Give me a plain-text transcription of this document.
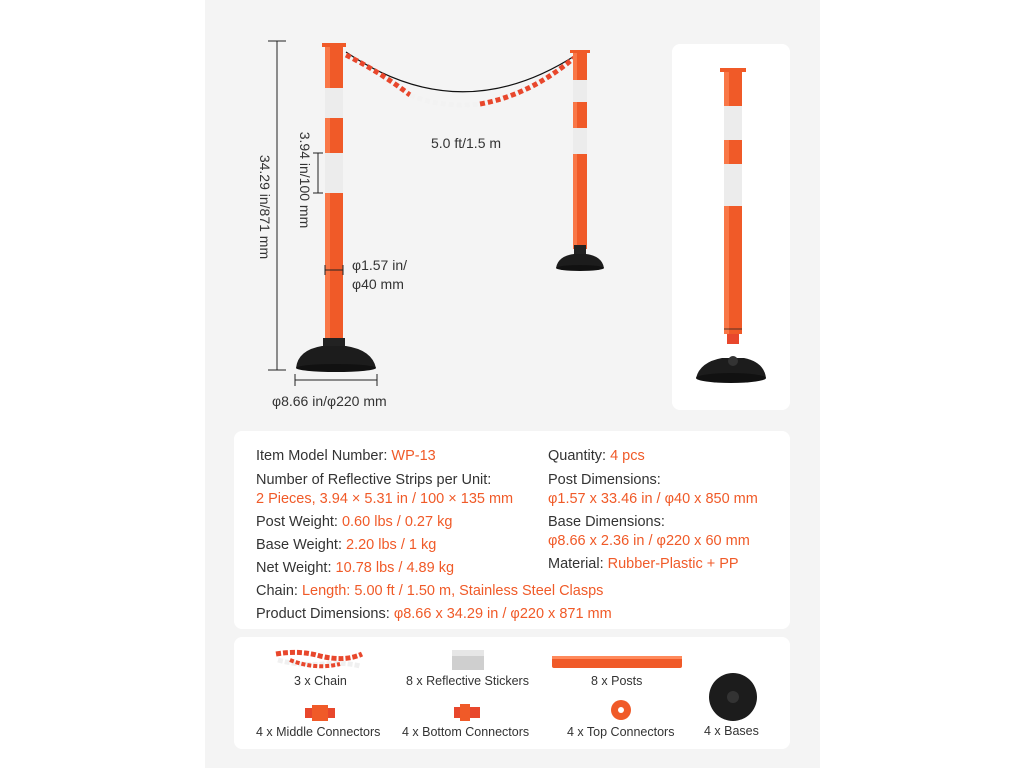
34.29 in/871 mm 3.94 in/100 mm	5.0 ft/1.5 m
φ1.57 in/
φ40 mm
φ8.66 in/φ220 mm
Item Model Number: WP-13
Number of Reflective Strips per Unit:
2 Pieces, 3.94 × 5.31 in / 100 × 135 mm
Post Weight: 0.60 lbs / 0.27 kg
Base Weight: 2.20 lbs / 1 kg
Net Weight: 10.78 lbs / 4.89 kg
Chain: Length: 5.00 ft / 1.50 m, Stainless Steel Clasps
Product Dimensions: φ8.66 x 34.29 in / φ220 x 871 mm
Quantity: 4 pcs
Post Dimensions:
φ1.57 x 33.46 in / φ40 x 850 mm
Base Dimensions:
φ8.66 x 2.36 in / φ220 x 60 mm
Material: Rubber-Plastic + PP
3 x Chain	8 x Reflective Stickers	8 x Posts
4 x Bases
4 x Middle Connectors 4 x Bottom Connectors	4 x Top Connectors
